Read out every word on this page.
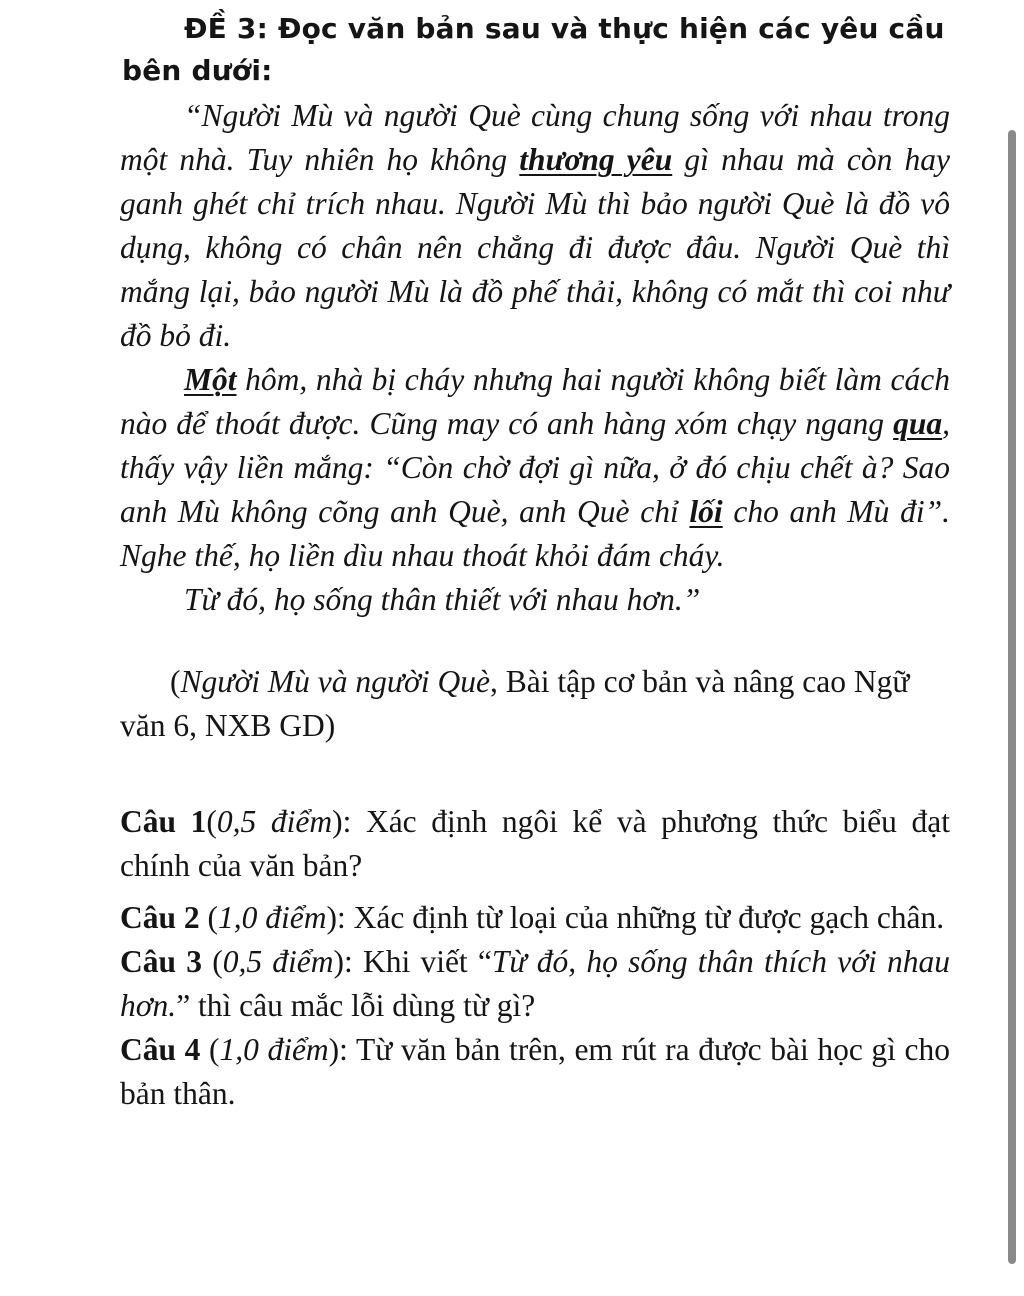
ĐỀ 3: Đọc văn bản sau và thực hiện các yêu cầu
bên dưới:

“Người Mù và người Què cùng chung sống với nhau trong một nhà. Tuy nhiên họ không thương yêu gì nhau mà còn hay ganh ghét chỉ trích nhau. Người Mù thì bảo người Què là đồ vô dụng, không có chân nên chẳng đi được đâu. Người Què thì mắng lại, bảo người Mù là đồ phế thải, không có mắt thì coi như đồ bỏ đi.

Một hôm, nhà bị cháy nhưng hai người không biết làm cách nào để thoát được. Cũng may có anh hàng xóm chạy ngang qua, thấy vậy liền mắng: “Còn chờ đợi gì nữa, ở đó chịu chết à? Sao anh Mù không cõng anh Què, anh Què chỉ lối cho anh Mù đi”. Nghe thế, họ liền dìu nhau thoát khỏi đám cháy.

Từ đó, họ sống thân thiết với nhau hơn.”

(Người Mù và người Què, Bài tập cơ bản và nâng cao Ngữ văn 6, NXB GD)

Câu 1(0,5 điểm): Xác định ngôi kể và phương thức biểu đạt chính của văn bản?

Câu 2 (1,0 điểm): Xác định từ loại của những từ được gạch chân.

Câu 3 (0,5 điểm): Khi viết “Từ đó, họ sống thân thích với nhau hơn.” thì câu mắc lỗi dùng từ gì?

Câu 4 (1,0 điểm): Từ văn bản trên, em rút ra được bài học gì cho bản thân.
